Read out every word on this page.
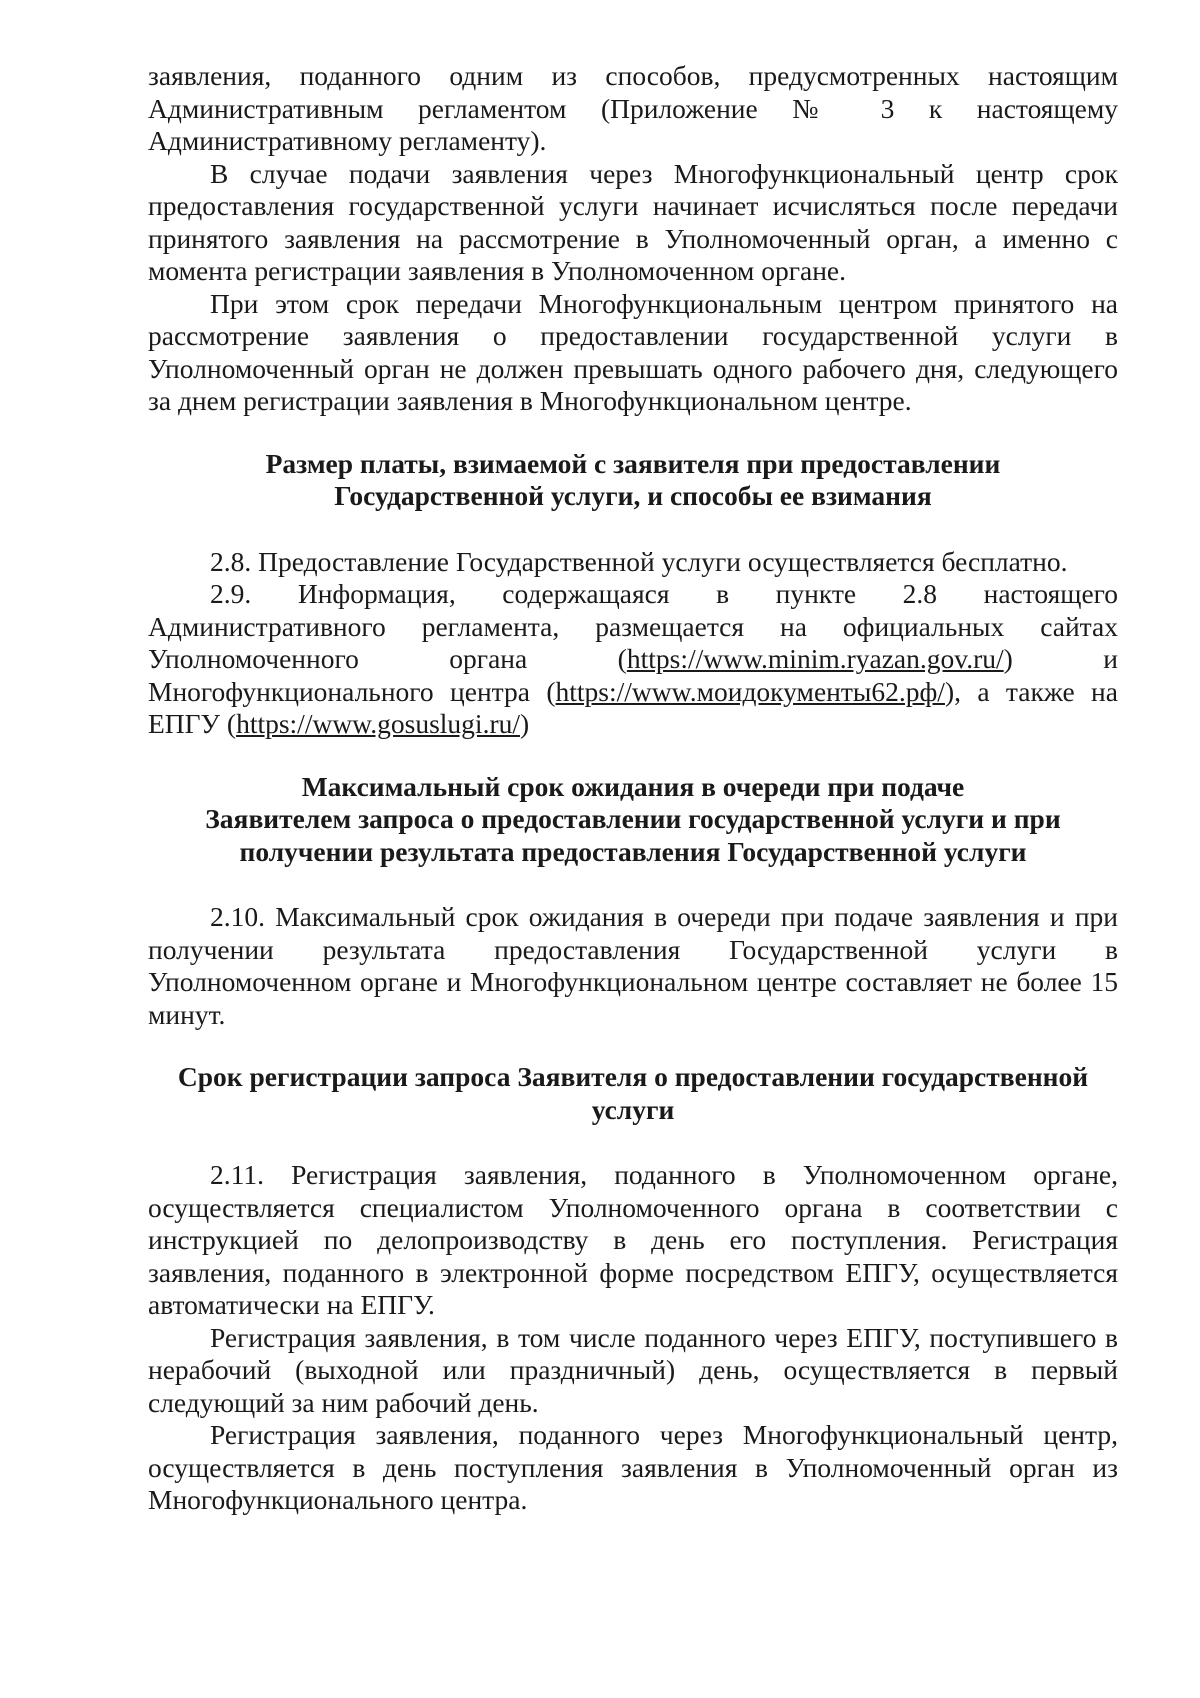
заявления, поданного одним из способов, предусмотренных настоящим Административным регламентом (Приложение № 3 к настоящему Административному регламенту).

В случае подачи заявления через Многофункциональный центр срок предоставления государственной услуги начинает исчисляться после передачи принятого заявления на рассмотрение в Уполномоченный орган, а именно с момента регистрации заявления в Уполномоченном органе.

При этом срок передачи Многофункциональным центром принятого на рассмотрение заявления о предоставлении государственной услуги в Уполномоченный орган не должен превышать одного рабочего дня, следующего за днем регистрации заявления в Многофункциональном центре.

Размер платы, взимаемой с заявителя при предоставлении
Государственной услуги, и способы ее взимания

2.8. Предоставление Государственной услуги осуществляется бесплатно.

2.9. Информация, содержащаяся в пункте 2.8 настоящего Административного регламента, размещается на официальных сайтах Уполномоченного органа (https://www.minim.ryazan.gov.ru/) и Многофункционального центра (https://www.моидокументы62.рф/), а также на ЕПГУ (https://www.gosuslugi.ru/)

Максимальный срок ожидания в очереди при подаче
Заявителем запроса о предоставлении государственной услуги и при
получении результата предоставления Государственной услуги

2.10. Максимальный срок ожидания в очереди при подаче заявления и при получении результата предоставления Государственной услуги в Уполномоченном органе и Многофункциональном центре составляет не более 15 минут.

Срок регистрации запроса Заявителя о предоставлении государственной
услуги

2.11. Регистрация заявления, поданного в Уполномоченном органе, осуществляется специалистом Уполномоченного органа в соответствии с инструкцией по делопроизводству в день его поступления. Регистрация заявления, поданного в электронной форме посредством ЕПГУ, осуществляется автоматически на ЕПГУ.

Регистрация заявления, в том числе поданного через ЕПГУ, поступившего в нерабочий (выходной или праздничный) день, осуществляется в первый следующий за ним рабочий день.

Регистрация заявления, поданного через Многофункциональный центр, осуществляется в день поступления заявления в Уполномоченный орган из Многофункционального центра.
